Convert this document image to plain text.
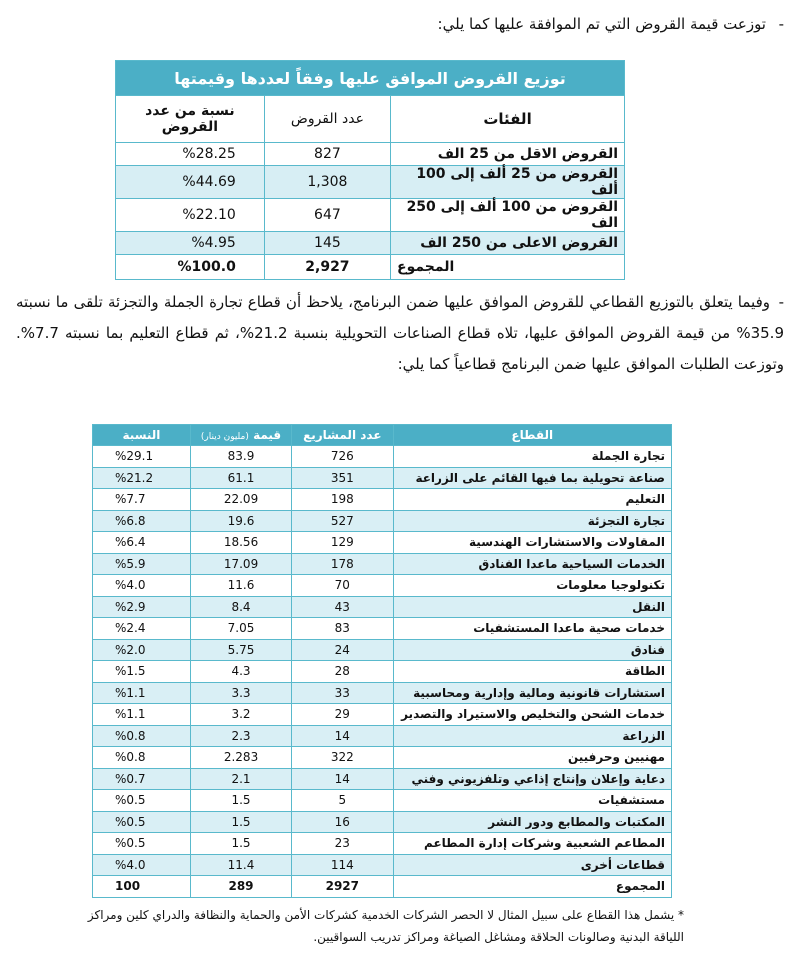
-توزعت قيمة القروض التي تم الموافقة عليها كما يلي:
توزيع القروض الموافق عليها وفقاً لعددها وقيمتها		
الفئات	عدد القروض	نسبة من عدد القروض
القروض الاقل من 25 الف	827	%28.25
القروض من 25 ألف إلى 100 ألف	1,308	%44.69
القروض من 100 ألف إلى 250 الف	647	%22.10
القروض الاعلى من 250 الف	145	%4.95
المجموع	2,927	%100.0
-وفيما يتعلق بالتوزيع القطاعي للقروض الموافق عليها ضمن البرنامج، يلاحظ أن قطاع تجارة الجملة والتجزئة تلقى ما نسبته 35.9% من قيمة القروض الموافق عليها، تلاه قطاع الصناعات التحويلية بنسبة 21.2%، ثم قطاع التعليم بما نسبته 7.7%. وتوزعت الطلبات الموافق عليها ضمن البرنامج قطاعياً كما يلي:
القطاع	عدد المشاريع	قيمة (مليون دينار)	النسبة
تجارة الجملة	726	83.9	%29.1
صناعة تحويلية بما فيها القائم على الزراعة	351	61.1	%21.2
التعليم	198	22.09	%7.7
تجارة التجزئة	527	19.6	%6.8
المقاولات والاستشارات الهندسية	129	18.56	%6.4
الخدمات السياحية ماعدا الفنادق	178	17.09	%5.9
تكنولوجيا معلومات	70	11.6	%4.0
النقل	43	8.4	%2.9
خدمات صحية ماعدا المستشفيات	83	7.05	%2.4
فنادق	24	5.75	%2.0
الطاقة	28	4.3	%1.5
استشارات قانونية ومالية وإدارية ومحاسبية	33	3.3	%1.1
خدمات الشحن والتخليص والاستيراد والتصدير	29	3.2	%1.1
الزراعة	14	2.3	%0.8
مهنيين وحرفيين	322	2.283	%0.8
دعاية وإعلان وإنتاج إذاعي وتلفزيوني وفني	14	2.1	%0.7
مستشفيات	5	1.5	%0.5
المكتبات والمطابع ودور النشر	16	1.5	%0.5
المطاعم الشعبية وشركات إدارة المطاعم	23	1.5	%0.5
قطاعات أخرى	114	11.4	%4.0
المجموع	2927	289	100
* يشمل هذا القطاع على سبيل المثال لا الحصر الشركات الخدمية كشركات الأمن والحماية والنظافة والدراي كلين ومراكز اللياقة البدنية وصالونات الحلاقة ومشاغل الصياغة ومراكز تدريب السواقيين.
